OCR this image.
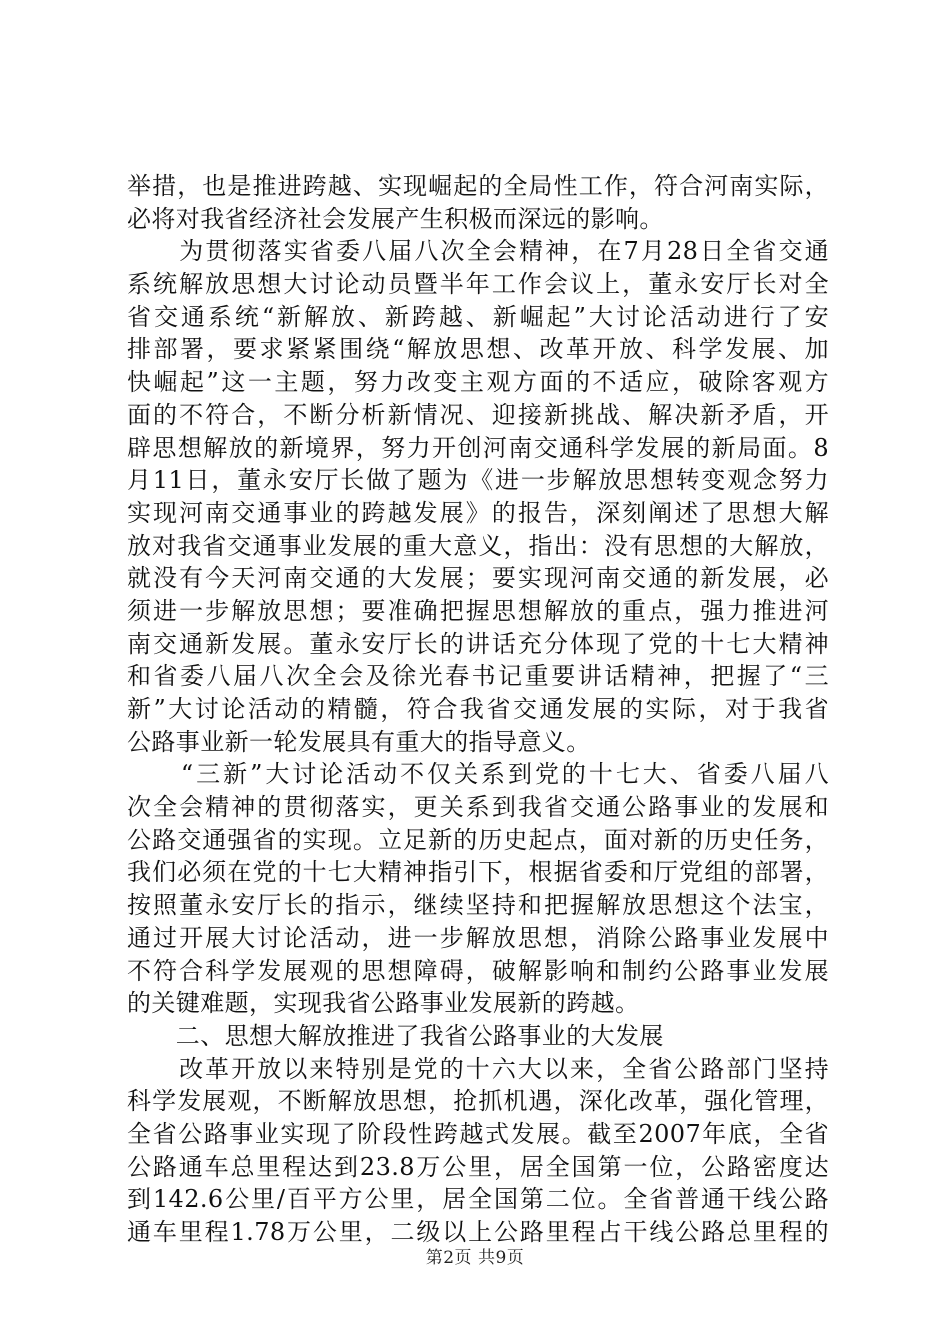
举措，也是推进跨越、实现崛起的全局性工作，符合河南实际，
必将对我省经济社会发展产生积极而深远的影响。
　　为贯彻落实省委八届八次全会精神，在7月28日全省交通
系统解放思想大讨论动员暨半年工作会议上，董永安厅长对全
省交通系统“新解放、新跨越、新崛起”大讨论活动进行了安
排部署，要求紧紧围绕“解放思想、改革开放、科学发展、加
快崛起”这一主题，努力改变主观方面的不适应，破除客观方
面的不符合，不断分析新情况、迎接新挑战、解决新矛盾，开
辟思想解放的新境界，努力开创河南交通科学发展的新局面。8
月11日，董永安厅长做了题为《进一步解放思想转变观念努力
实现河南交通事业的跨越发展》的报告，深刻阐述了思想大解
放对我省交通事业发展的重大意义，指出：没有思想的大解放，
就没有今天河南交通的大发展；要实现河南交通的新发展，必
须进一步解放思想；要准确把握思想解放的重点，强力推进河
南交通新发展。董永安厅长的讲话充分体现了党的十七大精神
和省委八届八次全会及徐光春书记重要讲话精神，把握了“三
新”大讨论活动的精髓，符合我省交通发展的实际，对于我省
公路事业新一轮发展具有重大的指导意义。
　　“三新”大讨论活动不仅关系到党的十七大、省委八届八
次全会精神的贯彻落实，更关系到我省交通公路事业的发展和
公路交通强省的实现。立足新的历史起点，面对新的历史任务，
我们必须在党的十七大精神指引下，根据省委和厅党组的部署，
按照董永安厅长的指示，继续坚持和把握解放思想这个法宝，
通过开展大讨论活动，进一步解放思想，消除公路事业发展中
不符合科学发展观的思想障碍，破解影响和制约公路事业发展
的关键难题，实现我省公路事业发展新的跨越。
　　二、思想大解放推进了我省公路事业的大发展
　　改革开放以来特别是党的十六大以来，全省公路部门坚持
科学发展观，不断解放思想，抢抓机遇，深化改革，强化管理，
全省公路事业实现了阶段性跨越式发展。截至2007年底，全省
公路通车总里程达到23.8万公里，居全国第一位，公路密度达
到142.6公里/百平方公里，居全国第二位。全省普通干线公路
通车里程1.78万公里，二级以上公路里程占干线公路总里程的
第2页 共9页
